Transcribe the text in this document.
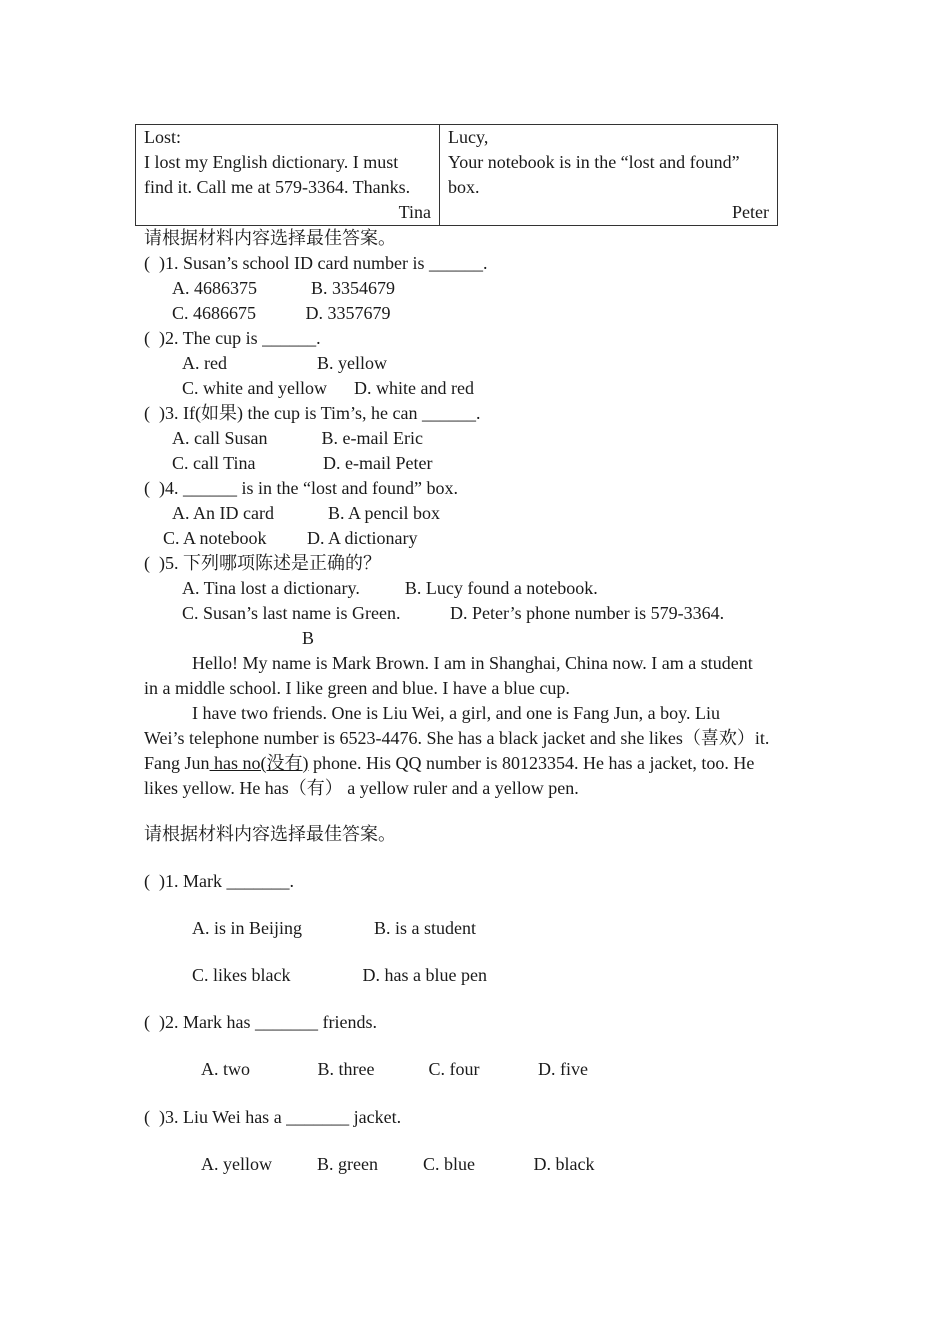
Lost:
I lost my English dictionary. I must
find it. Call me at 579-3364. Thanks.
Tina

Lucy,
Your notebook is in the “lost and found”
box.
Peter
请根据材料内容选择最佳答案。
(  )1. Susan’s school ID card number is ______.
A. 4686375            B. 3354679
C. 4686675           D. 3357679
(  )2. The cup is ______.
A. red                    B. yellow
C. white and yellow      D. white and red
(  )3. If(如果) the cup is Tim’s, he can ______.
A. call Susan            B. e-mail Eric
C. call Tina               D. e-mail Peter
(  )4. ______ is in the “lost and found” box.
A. An ID card            B. A pencil box
C. A notebook         D. A dictionary
(  )5. 下列哪项陈述是正确的？
A. Tina lost a dictionary.          B. Lucy found a notebook.
C. Susan’s last name is Green.           D. Peter’s phone number is 579-3364.
B
Hello! My name is Mark Brown. I am in Shanghai, China now. I am a student
in a middle school. I like green and blue. I have a blue cup.
I have two friends. One is Liu Wei, a girl, and one is Fang Jun, a boy. Liu
Wei’s telephone number is 6523-4476. She has a black jacket and she likes（喜欢）it.
Fang Jun has no(没有) phone. His QQ number is 80123354. He has a jacket, too. He
likes yellow. He has（有） a yellow ruler and a yellow pen.
请根据材料内容选择最佳答案。
(  )1. Mark _______.
A. is in Beijing                B. is a student
C. likes black                D. has a blue pen
(  )2. Mark has _______ friends.
A. two               B. three            C. four             D. five
(  )3. Liu Wei has a _______ jacket.
A. yellow          B. green          C. blue             D. black
